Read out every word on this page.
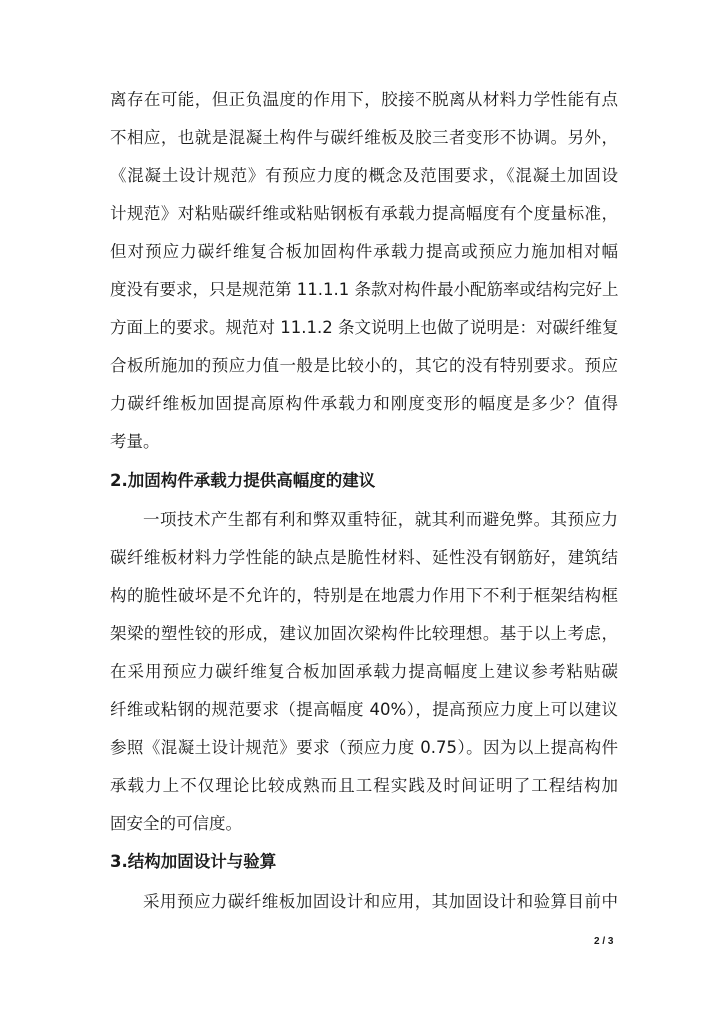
离存在可能，但正负温度的作用下，胶接不脱离从材料力学性能有点
不相应，也就是混凝土构件与碳纤维板及胶三者变形不协调。另外，
《混凝土设计规范》有预应力度的概念及范围要求，《混凝土加固设
计规范》对粘贴碳纤维或粘贴钢板有承载力提高幅度有个度量标准，
但对预应力碳纤维复合板加固构件承载力提高或预应力施加相对幅
度没有要求，只是规范第 11.1.1 条款对构件最小配筋率或结构完好上
方面上的要求。规范对 11.1.2 条文说明上也做了说明是：对碳纤维复
合板所施加的预应力值一般是比较小的，其它的没有特别要求。预应
力碳纤维板加固提高原构件承载力和刚度变形的幅度是多少？值得
考量。
2.加固构件承载力提供高幅度的建议
一项技术产生都有利和弊双重特征，就其利而避免弊。其预应力
碳纤维板材料力学性能的缺点是脆性材料、延性没有钢筋好，建筑结
构的脆性破坏是不允许的，特别是在地震力作用下不利于框架结构框
架梁的塑性铰的形成，建议加固次梁构件比较理想。基于以上考虑，
在采用预应力碳纤维复合板加固承载力提高幅度上建议参考粘贴碳
纤维或粘钢的规范要求（提高幅度 40%），提高预应力度上可以建议
参照《混凝土设计规范》要求（预应力度 0.75）。因为以上提高构件
承载力上不仅理论比较成熟而且工程实践及时间证明了工程结构加
固安全的可信度。
3.结构加固设计与验算
采用预应力碳纤维板加固设计和应用，其加固设计和验算目前中
2 / 3
